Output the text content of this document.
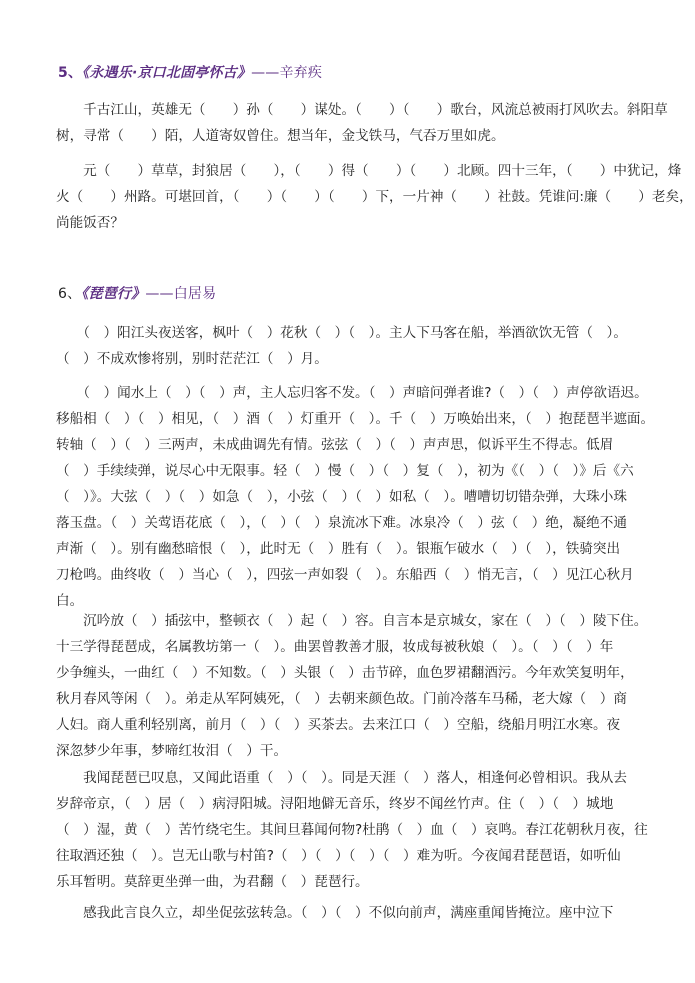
5、《永遇乐·京口北固亭怀古》——辛弃疾
　　千古江山，英雄无（　　）孙（　　）谋处。（　　）（　　）歌台，风流总被雨打风吹去。斜阳草
树，寻常（　　）陌，人道寄奴曾住。想当年，金戈铁马，气吞万里如虎。
　　元（　　）草草，封狼居（　　），（　　）得（　　）（　　）北顾。四十三年，（　　）中犹记，烽
火（　　）州路。可堪回首，（　　）（　　）（　　）下，一片神（　　）社鼓。凭谁问:廉（　　）老矣，
尚能饭否？
6、《琵琶行》——白居易
　　（　）阳江头夜送客，枫叶（　）花秋（　）（　）。主人下马客在船，举酒欲饮无管（　）。
（　）不成欢惨将别，别时茫茫江（　）月。
　　（　）闻水上（　）（　）声，主人忘归客不发。（　）声暗问弹者谁?（　）（　）声停欲语迟。
移船相（　）（　）相见，（　）酒（　）灯重开（　）。千（　）万唤始出来，（　）抱琵琶半遮面。
转轴（　）（　）三两声，未成曲调先有情。弦弦（　）（　）声声思，似诉平生不得志。低眉
（　）手续续弹，说尽心中无限事。轻（　）慢（　）（　）复（　），初为《（　）（　）》后《六
（　）》。大弦（　）（　）如急（　），小弦（　）（　）如私（　）。嘈嘈切切错杂弹，大珠小珠
落玉盘。（　）关莺语花底（　），（　）（　）泉流冰下难。冰泉冷（　）弦（　）绝，凝绝不通
声渐（　）。别有幽愁暗恨（　），此时无（　）胜有（　）。银瓶乍破水（　）（　），铁骑突出
刀枪鸣。曲终收（　）当心（　），四弦一声如裂（　）。东船西（　）悄无言，（　）见江心秋月
白。
　　沉吟放（　）插弦中，整顿衣（　）起（　）容。自言本是京城女，家在（　）（　）陵下住。
十三学得琵琶成，名属教坊第一（　）。曲罢曾教善才服，妆成每被秋娘（　）。（　）（　）年
少争缠头，一曲红（　）不知数。（　）头银（　）击节碎，血色罗裙翻酒污。今年欢笑复明年，
秋月春风等闲（　）。弟走从军阿姨死，（　）去朝来颜色故。门前冷落车马稀，老大嫁（　）商
人妇。商人重利轻别离，前月（　）（　）买茶去。去来江口（　）空船，绕船月明江水寒。夜
深忽梦少年事，梦啼红妆泪（　）干。
　　我闻琵琶已叹息，又闻此语重（　）（　）。同是天涯（　）落人，相逢何必曾相识。我从去
岁辞帝京，（　）居（　）病浔阳城。浔阳地僻无音乐，终岁不闻丝竹声。住（　）（　）城地
（　）湿，黄（　）苦竹绕宅生。其间旦暮闻何物?杜鹃（　）血（　）哀鸣。春江花朝秋月夜，往
往取酒还独（　）。岂无山歌与村笛?（　）（　）（　）（　）难为听。今夜闻君琵琶语，如听仙
乐耳暂明。莫辞更坐弹一曲，为君翻（　）琵琶行。
　　感我此言良久立，却坐促弦弦转急。（　）（　）不似向前声，满座重闻皆掩泣。座中泣下
